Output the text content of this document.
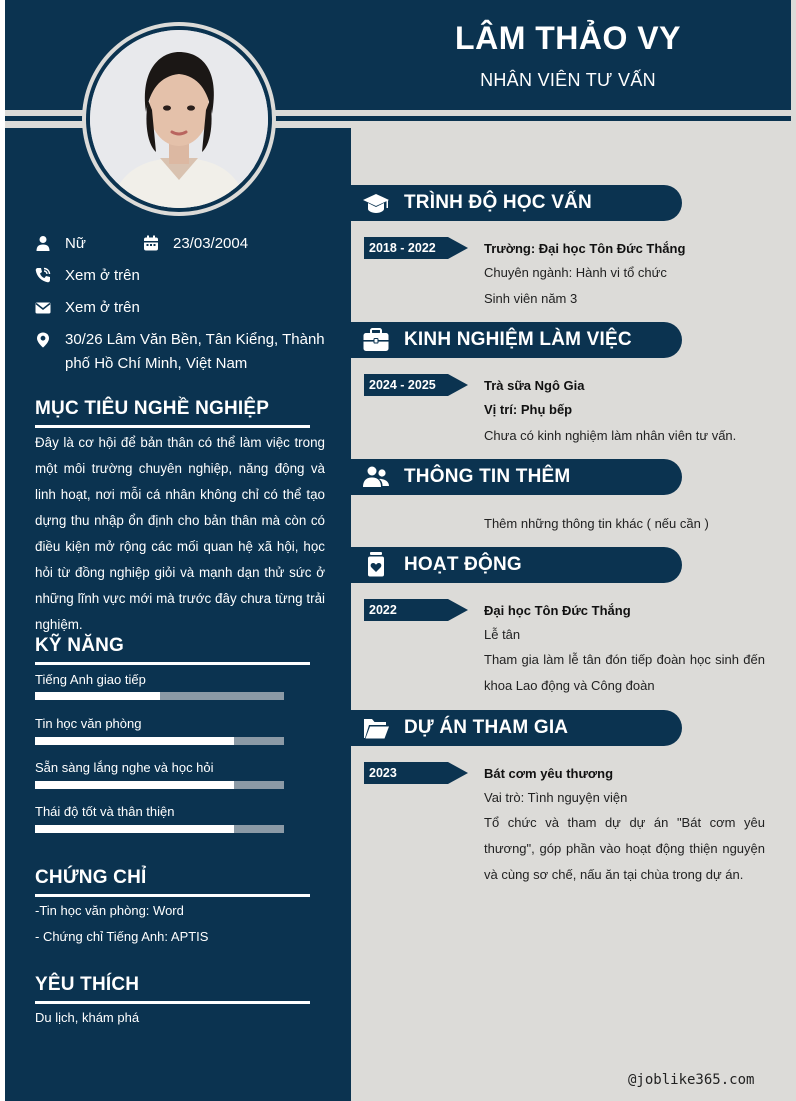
LÂM THẢO VY
NHÂN VIÊN TƯ VẤN
Nữ	23/03/2004
Xem ở trên
Xem ở trên
30/26 Lâm Văn Bền, Tân Kiểng, Thành
phố Hồ Chí Minh, Việt Nam
MỤC TIÊU NGHỀ NGHIỆP
Đây là cơ hội để bản thân có thể làm việc trong một môi trường chuyên nghiệp, năng động và linh hoạt, nơi mỗi cá nhân không chỉ có thể tạo dựng thu nhập ổn định cho bản thân mà còn có điều kiện mở rộng các mối quan hệ xã hội, học hỏi từ đồng nghiệp giỏi và mạnh dạn thử sức ở những lĩnh vực mới mà trước đây chưa từng trải nghiệm.
KỸ NĂNG
Tiếng Anh giao tiếp
Tin học văn phòng
Sẵn sàng lắng nghe và học hỏi
Thái độ tốt và thân thiện
CHỨNG CHỈ
-Tin học văn phòng: Word
- Chứng chỉ Tiếng Anh: APTIS
YÊU THÍCH
Du lịch, khám phá
TRÌNH ĐỘ HỌC VẤN
2018 - 2022	Trường: Đại học Tôn Đức Thắng
Chuyên ngành: Hành vi tổ chức
Sinh viên năm 3
KINH NGHIỆM LÀM VIỆC
2024 - 2025	Trà sữa Ngô Gia
Vị trí: Phụ bếp
Chưa có kinh nghiệm làm nhân viên tư vấn.
THÔNG TIN THÊM
Thêm những thông tin khác ( nếu cần )
HOẠT ĐỘNG
2022	Đại học Tôn Đức Thắng
Lễ tân
Tham gia làm lễ tân đón tiếp đoàn học sinh đến khoa Lao động và Công đoàn
DỰ ÁN THAM GIA
2023	Bát cơm yêu thương
Vai trò: Tình nguyện viện
Tổ chức và tham dự dự án "Bát cơm yêu thương", góp phần vào hoạt động thiện nguyện và cùng sơ chế, nấu ăn tại chùa trong dự án.
@joblike365.com
